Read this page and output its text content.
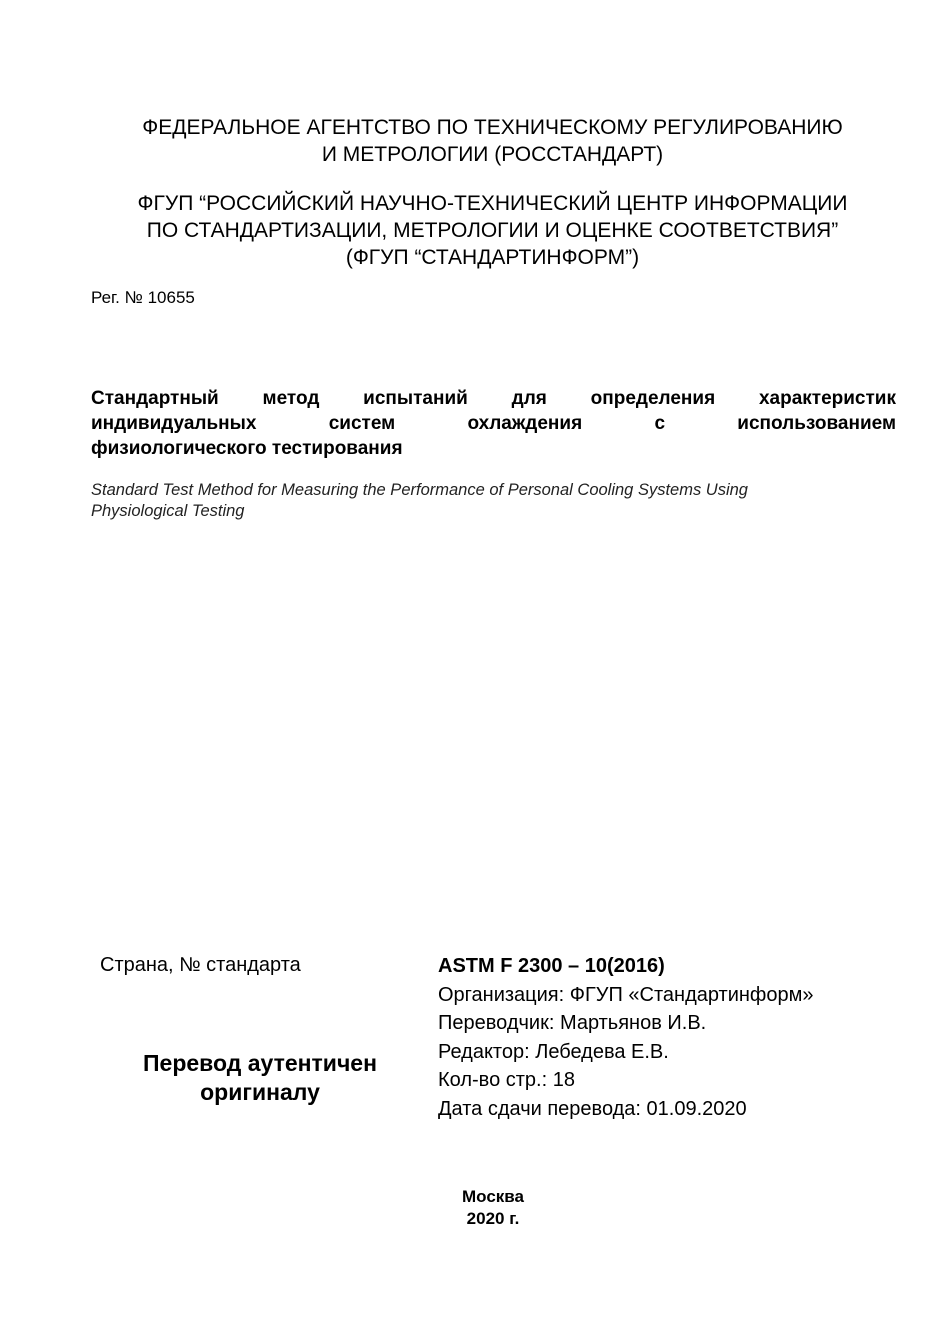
ФЕДЕРАЛЬНОЕ АГЕНТСТВО ПО ТЕХНИЧЕСКОМУ РЕГУЛИРОВАНИЮ
И МЕТРОЛОГИИ (РОССТАНДАРТ)
ФГУП “РОССИЙСКИЙ НАУЧНО-ТЕХНИЧЕСКИЙ ЦЕНТР ИНФОРМАЦИИ
ПО СТАНДАРТИЗАЦИИ, МЕТРОЛОГИИ И ОЦЕНКЕ СООТВЕТСТВИЯ”
(ФГУП “СТАНДАРТИНФОРМ”)
Рег. № 10655
Стандартный метод испытаний для определения характеристик
индивидуальных систем охлаждения с использованием
физиологического тестирования
Standard Test Method for Measuring the Performance of Personal Cooling Systems Using
Physiological Testing
Страна, № стандарта
Перевод аутентичен
оригиналу
ASTM F 2300 – 10(2016)
Организация: ФГУП «Стандартинформ»
Переводчик: Мартьянов И.В.
Редактор: Лебедева Е.В.
Кол-во стр.: 18
Дата сдачи перевода: 01.09.2020
Москва
2020 г.
